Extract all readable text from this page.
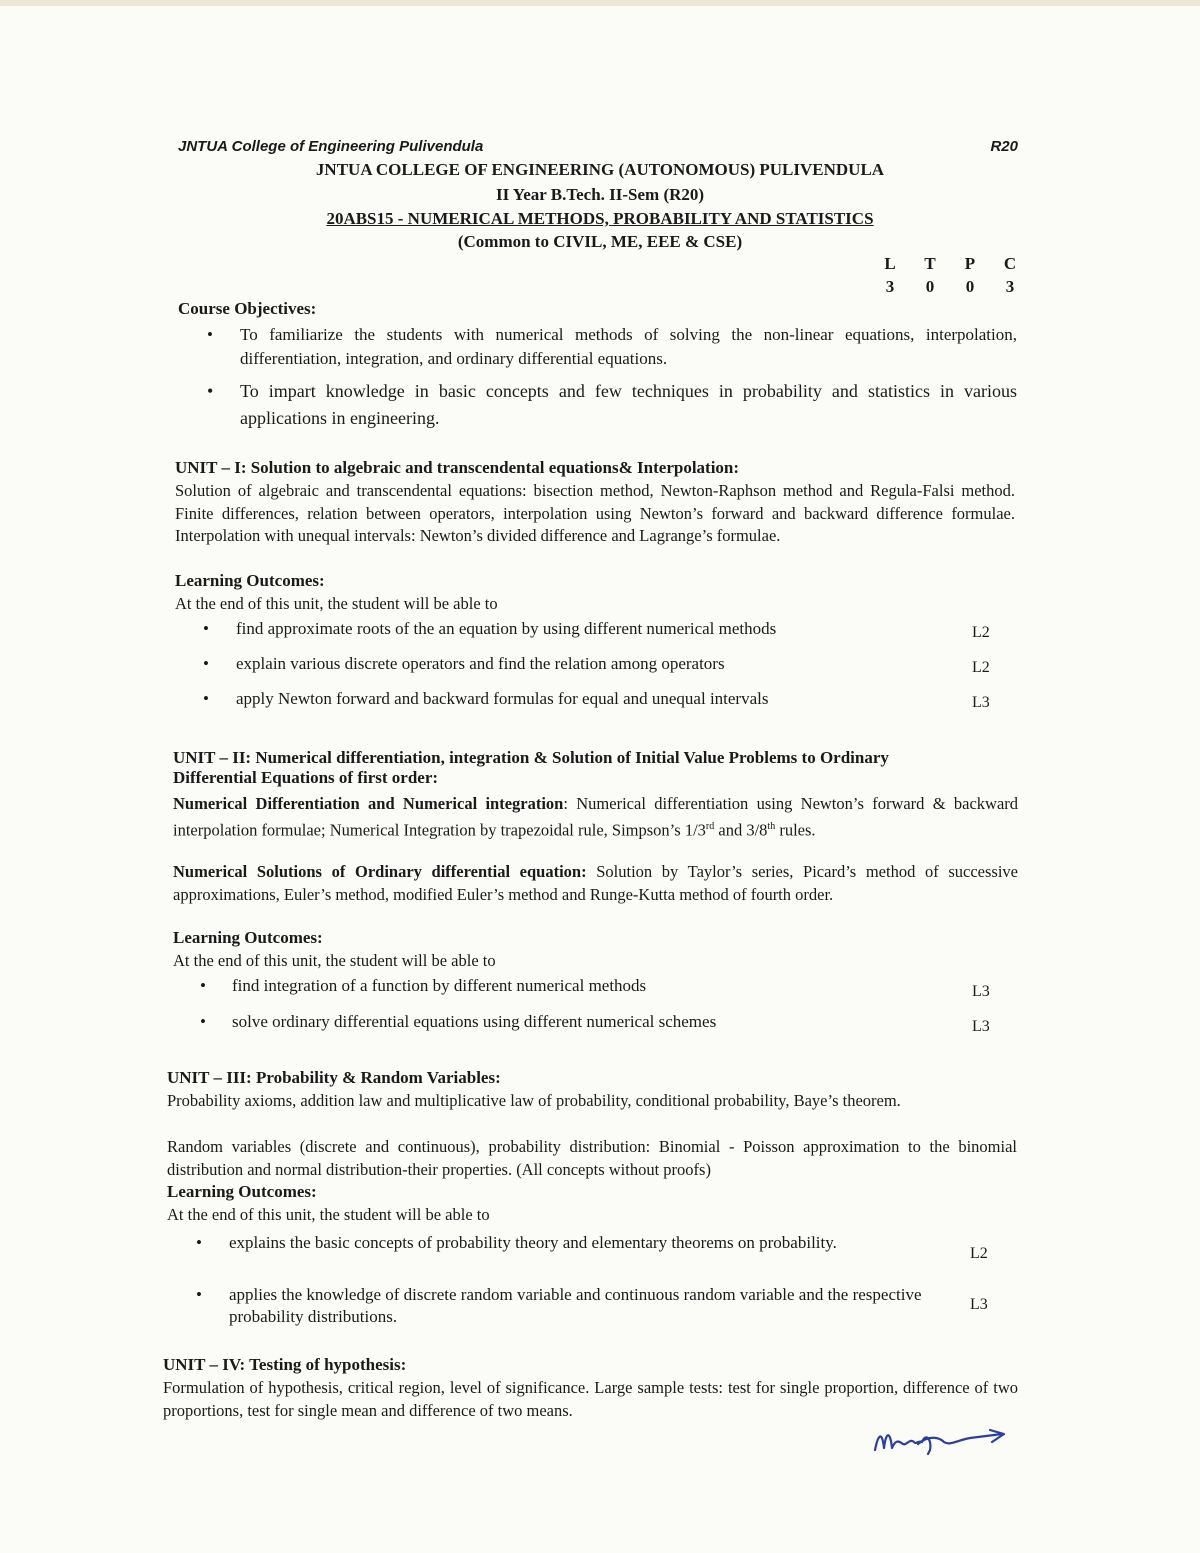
JNTUA College of Engineering Pulivendula	R20
JNTUA COLLEGE OF ENGINEERING (AUTONOMOUS) PULIVENDULA
II Year B.Tech. II-Sem (R20)
20ABS15 - NUMERICAL METHODS, PROBABILITY AND STATISTICS
(Common to CIVIL, ME, EEE & CSE)
L T P C
3 0 0 3
Course Objectives:
• To familiarize the students with numerical methods of solving the non-linear equations, interpolation, differentiation, integration, and ordinary differential equations.
• To impart knowledge in basic concepts and few techniques in probability and statistics in various applications in engineering.
UNIT – I: Solution to algebraic and transcendental equations& Interpolation:
Solution of algebraic and transcendental equations: bisection method, Newton-Raphson method and Regula-Falsi method. Finite differences, relation between operators, interpolation using Newton’s forward and backward difference formulae. Interpolation with unequal intervals: Newton’s divided difference and Lagrange’s formulae.
Learning Outcomes:
At the end of this unit, the student will be able to
• find approximate roots of the an equation by using different numerical methods	L2
• explain various discrete operators and find the relation among operators	L2
• apply Newton forward and backward formulas for equal and unequal intervals	L3
UNIT – II: Numerical differentiation, integration & Solution of Initial Value Problems to Ordinary
Differential Equations of first order:
Numerical Differentiation and Numerical integration: Numerical differentiation using Newton’s forward & backward interpolation formulae; Numerical Integration by trapezoidal rule, Simpson’s 1/3rd and 3/8th rules.
Numerical Solutions of Ordinary differential equation: Solution by Taylor’s series, Picard’s method of successive approximations, Euler’s method, modified Euler’s method and Runge-Kutta method of fourth order.
Learning Outcomes:
At the end of this unit, the student will be able to
• find integration of a function by different numerical methods	L3
• solve ordinary differential equations using different numerical schemes	L3
UNIT – III: Probability & Random Variables:
Probability axioms, addition law and multiplicative law of probability, conditional probability, Baye’s theorem.
Random variables (discrete and continuous), probability distribution: Binomial - Poisson approximation to the binomial distribution and normal distribution-their properties. (All concepts without proofs)
Learning Outcomes:
At the end of this unit, the student will be able to
• explains the basic concepts of probability theory and elementary theorems on probability.
L2
• applies the knowledge of discrete random variable and continuous random variable and the respective probability distributions.
L3
UNIT – IV: Testing of hypothesis:
Formulation of hypothesis, critical region, level of significance. Large sample tests: test for single proportion, difference of two proportions, test for single mean and difference of two means.
